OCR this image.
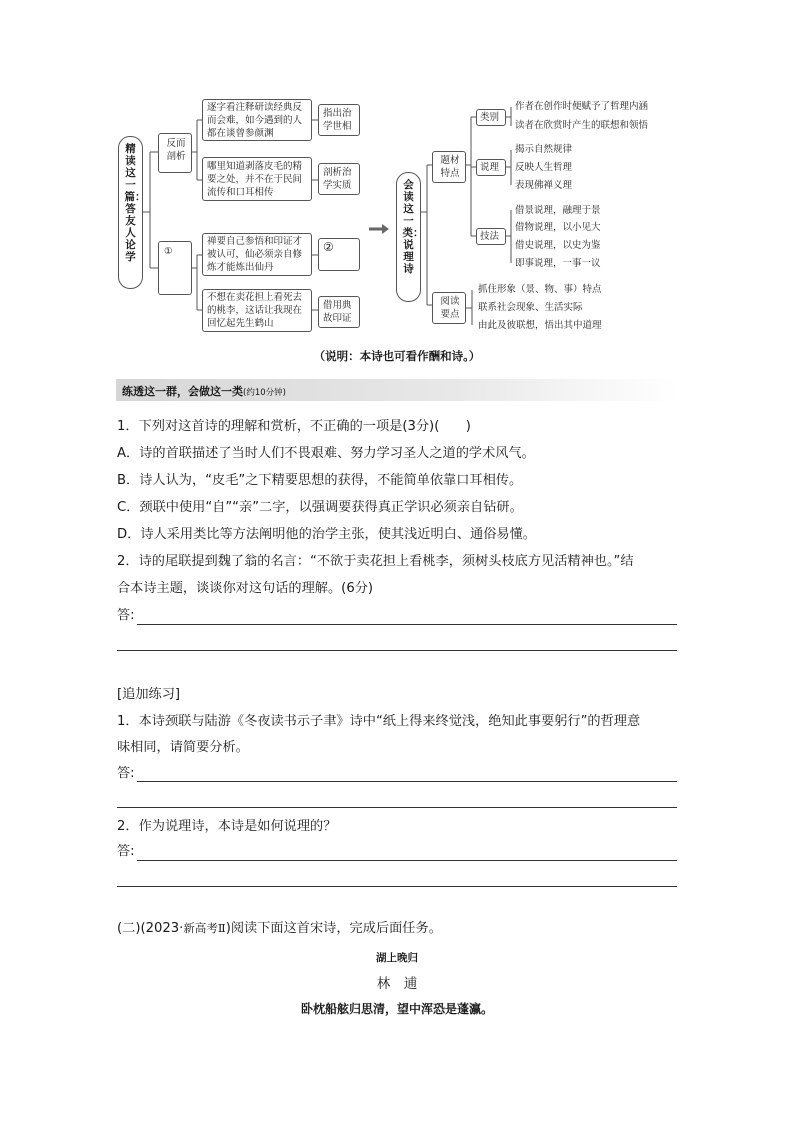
精读这一篇：答友人论学
反而剖析
①
逐字看注释研读经典反而会难，如今遇到的人都在谈曾参颜渊
哪里知道剥落皮毛的精要之处，并不在于民间流传和口耳相传
禅要自己参悟和印证才被认可，仙必须亲自修炼才能炼出仙丹
不想在卖花担上看死去的桃李，这话让我现在回忆起先生鹤山
指出治学世相
剖析治学实质
②
借用典故印证
会读这一类：说理诗
题材特点
类别
说理
技法
阅读要点
作者在创作时便赋予了哲理内涵
读者在欣赏时产生的联想和领悟
揭示自然规律
反映人生哲理
表现佛禅义理
借景说理，融理于景
借物说理，以小见大
借史说理，以史为鉴
即事说理，一事一议
抓住形象（景、物、事）特点
联系社会现象、生活实际
由此及彼联想，悟出其中道理
（说明：本诗也可看作酬和诗。）
练透这一群，会做这一类(约10分钟)
1．下列对这首诗的理解和赏析，不正确的一项是(3分)(　　)
A．诗的首联描述了当时人们不畏艰难、努力学习圣人之道的学术风气。
B．诗人认为，“皮毛”之下精要思想的获得，不能简单依靠口耳相传。
C．颈联中使用“自”“亲”二字，以强调要获得真正学识必须亲自钻研。
D．诗人采用类比等方法阐明他的治学主张，使其浅近明白、通俗易懂。
2．诗的尾联提到魏了翁的名言：“不欲于卖花担上看桃李，须树头枝底方见活精神也。”结
合本诗主题，谈谈你对这句话的理解。(6分)
答:
[追加练习]
1．本诗颈联与陆游《冬夜读书示子聿》诗中“纸上得来终觉浅，绝知此事要躬行”的哲理意
味相同，请简要分析。
答:
2．作为说理诗，本诗是如何说理的？
答:
(二)(2023·新高考Ⅱ)阅读下面这首宋诗，完成后面任务。
湖上晚归
林　逋
卧枕船舷归思清，望中浑恐是蓬瀛。
